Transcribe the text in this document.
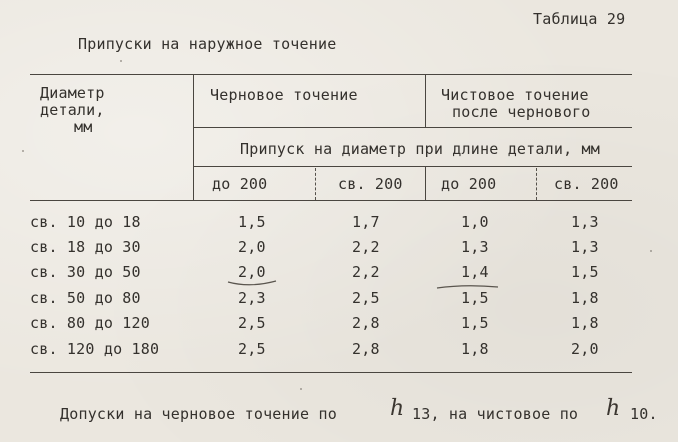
Таблица 29
Припуски на наружное точение
Диаметр
детали,
мм
Черновое точение	Чистовое точение
после чернового
Припуск на диаметр при длине детали, мм
до 200	св. 200	до 200	св. 200
св. 10 до 18	1,5	1,7	1,0	1,3
св. 18 до 30	2,0	2,2	1,3	1,3
св. 30 до 50	2,0	2,2	1,4	1,5
св. 50 до 80	2,3	2,5	1,5	1,8
св. 80 до 120	2,5	2,8	1,5	1,8
св. 120 до 180	2,5	2,8	1,8	2,0
Допуски на черновое точение по h 13, на чистовое по h 10.
